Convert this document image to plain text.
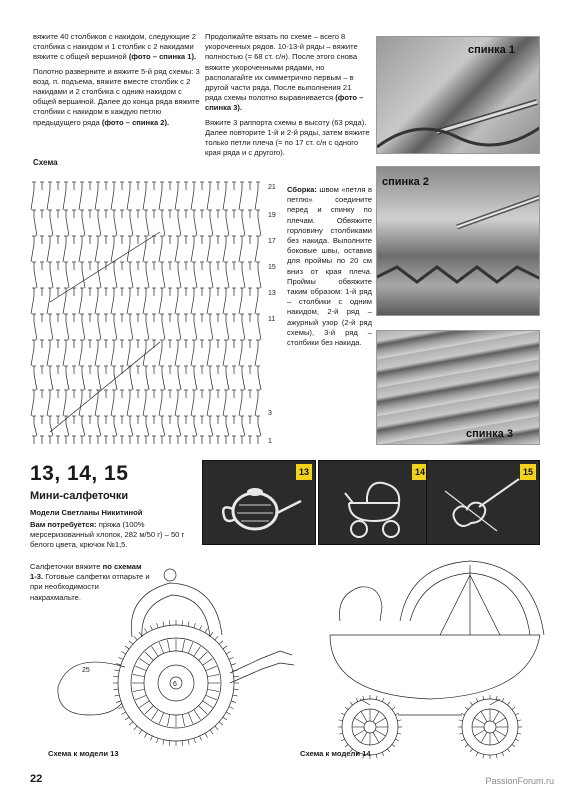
вяжите 40 столбиков с накидом, следующие 2 столбика с накидом и 1 столбик с 2 накидами вяжите с общей вершиной (фото – спинка 1).

Полотно разверните и вяжите 5-й ряд схемы: 3 возд. п. подъема, вяжите вместе столбик с 2 накидами и 2 столбика с одним накидом с общей вершиной. Далее до конца ряда вяжите столбики с накидом в каждую петлю предыдущего ряда (фото – спинка 2).

Продолжайте вязать по схеме – всего 8 укороченных рядов. 10-13-й ряды – вяжите полностью (= 68 ст. с/н). После этого снова вяжите укороченными рядами, но располагайте их симметрично первым – в другой части ряда. После выполнения 21 ряда схемы полотно выравнивается (фото – спинка 3).

Вяжите 3 раппорта схемы в высоту (63 ряда). Далее повторите 1-й и 2-й ряды, затем вяжите только петли плеча (= по 17 ст. с/н с одного края ряда и с другого).

Сборка: швом «петля в петлю» соедините перед и спинку по плечам. Обвяжите горловину столбиками без накида. Выполните боковые швы, оставив для проймы по 20 см вниз от края плеча. Проймы обвяжите таким образом: 1-й ряд – столбики с одним накидом, 2-й ряд – ажурный узор (2-й ряд схемы), 3-й ряд – столбики без накида.
Схема
21
19
17
15
13
11
3
1
спинка 1
спинка 2
спинка 3
13, 14, 15
Мини-салфеточки
Модели Светланы Никитиной
Вам потребуется: пряжа (100% мерсеризованный хлопок, 282 м/50 г) – 50 г белого цвета, крючок №1,5.
Салфеточки вяжите по схемам 1-3. Готовые салфетки отпарьте и при необходимости накрахмальте.
13	14	15
25
6
Схема к модели 13	Схема к модели 14
22	PassionForum.ru
